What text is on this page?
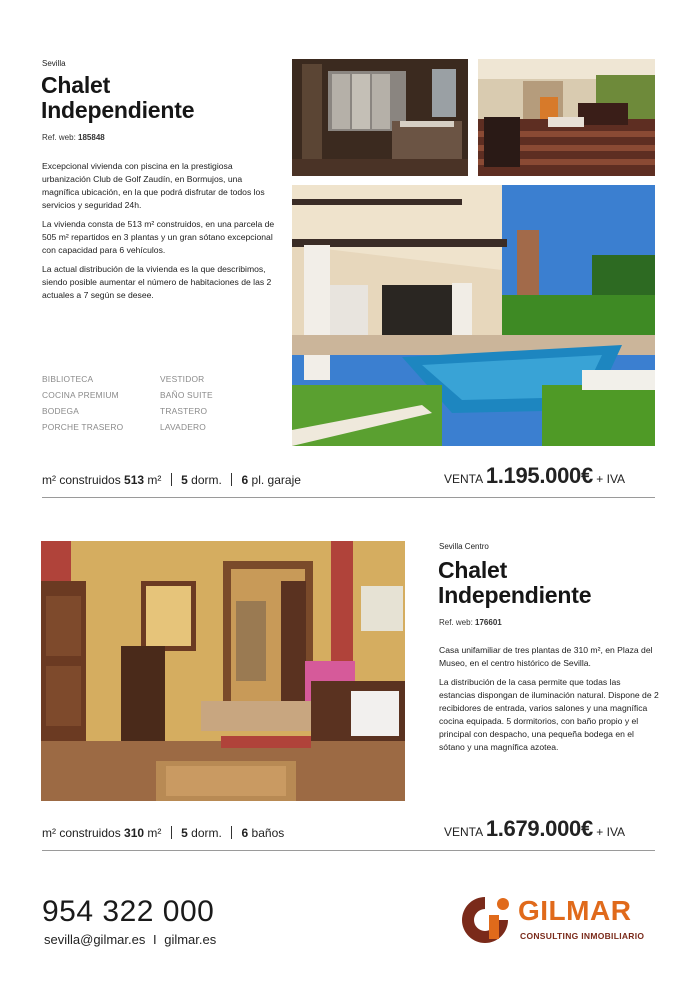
Sevilla
Chalet
Independiente
Ref. web: 185848

Excepcional vivienda con piscina en la prestigiosa urbanización Club de Golf Zaudín, en Bormujos, una magnífica ubicación, en la que podrá disfrutar de todos los servicios y seguridad 24h.

La vivienda consta de 513 m² construidos, en una parcela de 505 m² repartidos en 3 plantas y un gran sótano excepcional con capacidad para 6 vehículos.

La actual distribución de la vivienda es la que describimos, siendo posible aumentar el número de habitaciones de las 2 actuales a 7 según se desee.

BIBLIOTECA
COCINA PREMIUM
BODEGA
PORCHE TRASERO
VESTIDOR
BAÑO SUITE
TRASTERO
LAVADERO
m² construidos 513 m² 5 dorm. 6 pl. garaje	VENTA 1.195.000€ + IVA
Sevilla Centro
Chalet
Independiente
Ref. web: 176601

Casa unifamiliar de tres plantas de 310 m², en Plaza del Museo, en el centro histórico de Sevilla.

La distribución de la casa permite que todas las estancias dispongan de iluminación natural. Dispone de 2 recibidores de entrada, varios salones y una magnífica cocina equipada. 5 dormitorios, con baño propio y el principal con despacho, una pequeña bodega en el sótano y una magnífica azotea.

m² construidos 310 m² 5 dorm. 6 baños	VENTA 1.679.000€ + IVA
954 322 000
sevilla@gilmar.es I gilmar.es
GILMAR
CONSULTING INMOBILIARIO
